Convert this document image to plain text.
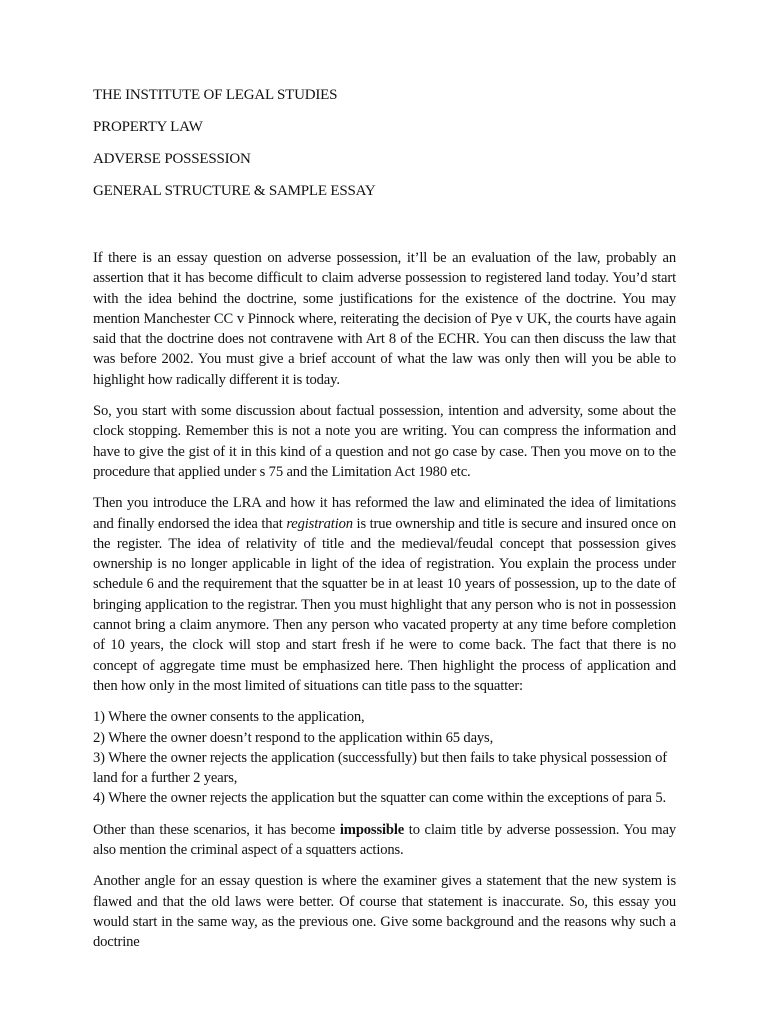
THE INSTITUTE OF LEGAL STUDIES
PROPERTY LAW
ADVERSE POSSESSION
GENERAL STRUCTURE & SAMPLE ESSAY

If there is an essay question on adverse possession, it’ll be an evaluation of the law, probably an assertion that it has become difficult to claim adverse possession to registered land today. You’d start with the idea behind the doctrine, some justifications for the existence of the doctrine. You may mention Manchester CC v Pinnock where, reiterating the decision of Pye v UK, the courts have again said that the doctrine does not contravene with Art 8 of the ECHR. You can then discuss the law that was before 2002. You must give a brief account of what the law was only then will you be able to highlight how radically different it is today.

So, you start with some discussion about factual possession, intention and adversity, some about the clock stopping. Remember this is not a note you are writing. You can compress the information and have to give the gist of it in this kind of a question and not go case by case. Then you move on to the procedure that applied under s 75 and the Limitation Act 1980 etc.

Then you introduce the LRA and how it has reformed the law and eliminated the idea of limitations and finally endorsed the idea that registration is true ownership and title is secure and insured once on the register. The idea of relativity of title and the medieval/feudal concept that possession gives ownership is no longer applicable in light of the idea of registration. You explain the process under schedule 6 and the requirement that the squatter be in at least 10 years of possession, up to the date of bringing application to the registrar. Then you must highlight that any person who is not in possession cannot bring a claim anymore. Then any person who vacated property at any time before completion of 10 years, the clock will stop and start fresh if he were to come back. The fact that there is no concept of aggregate time must be emphasized here. Then highlight the process of application and then how only in the most limited of situations can title pass to the squatter:

1) Where the owner consents to the application,
2) Where the owner doesn’t respond to the application within 65 days,
3) Where the owner rejects the application (successfully) but then fails to take physical possession of land for a further 2 years,
4) Where the owner rejects the application but the squatter can come within the exceptions of para 5.

Other than these scenarios, it has become impossible to claim title by adverse possession. You may also mention the criminal aspect of a squatters actions.

Another angle for an essay question is where the examiner gives a statement that the new system is flawed and that the old laws were better. Of course that statement is inaccurate. So, this essay you would start in the same way, as the previous one. Give some background and the reasons why such a doctrine
